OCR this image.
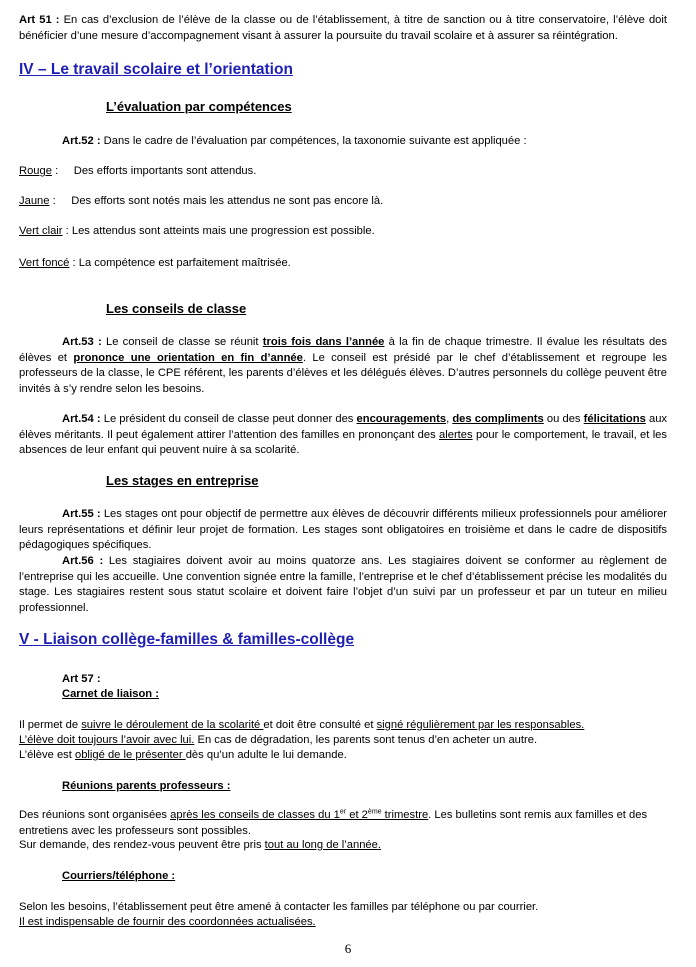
Art 51 : En cas d’exclusion de l’élève de la classe ou de l’établissement, à titre de sanction ou à titre conservatoire, l’élève doit bénéficier d’une mesure d’accompagnement visant à assurer la poursuite du travail scolaire et à assurer sa réintégration.

IV – Le travail scolaire et l’orientation
L’évaluation par compétences

Art.52 : Dans le cadre de l’évaluation par compétences, la taxonomie suivante est appliquée :

Rouge :     Des efforts importants sont attendus.

Jaune :     Des efforts sont notés mais les attendus ne sont pas encore là.

Vert clair : Les attendus sont atteints mais une progression est possible.

Vert foncé : La compétence est parfaitement maîtrisée.

Les conseils de classe

Art.53 : Le conseil de classe se réunit trois fois dans l’année à la fin de chaque trimestre. Il évalue les résultats des élèves et prononce une orientation en fin d’année. Le conseil est présidé par le chef d’établissement et regroupe les professeurs de la classe, le CPE référent, les parents d’élèves et les délégués élèves. D’autres personnels du collège peuvent être invités à s’y rendre selon les besoins.

Art.54 : Le président du conseil de classe peut donner des encouragements, des compliments ou des félicitations aux élèves méritants. Il peut également attirer l’attention des familles en prononçant des alertes pour le comportement, le travail, et les absences de leur enfant qui peuvent nuire à sa scolarité.

Les stages en entreprise

Art.55 : Les stages ont pour objectif de permettre aux élèves de découvrir différents milieux professionnels pour améliorer leurs représentations et définir leur projet de formation. Les stages sont obligatoires en troisième et dans le cadre de dispositifs pédagogiques spécifiques.

Art.56 : Les stagiaires doivent avoir au moins quatorze ans. Les stagiaires doivent se conformer au règlement de l’entreprise qui les accueille. Une convention signée entre la famille, l’entreprise et le chef d’établissement précise les modalités du stage. Les stagiaires restent sous statut scolaire et doivent faire l’objet d’un suivi par un professeur et par un tuteur en milieu professionnel.

V - Liaison collège-familles & familles-collège

Art 57 :

Carnet de liaison :

Il permet de suivre le déroulement de la scolarité et doit être consulté et signé régulièrement par les responsables.

L’élève doit toujours l’avoir avec lui. En cas de dégradation, les parents sont tenus d’en acheter un autre.

L’élève est obligé de le présenter dès qu’un adulte le lui demande.

Réunions parents professeurs :

Des réunions sont organisées après les conseils de classes du 1er et 2ème trimestre. Les bulletins sont remis aux familles et des entretiens avec les professeurs sont possibles.

Sur demande, des rendez-vous peuvent être pris tout au long de l’année.

Courriers/téléphone :

Selon les besoins, l’établissement peut être amené à contacter les familles par téléphone ou par courrier.

Il est indispensable de fournir des coordonnées actualisées.

6
